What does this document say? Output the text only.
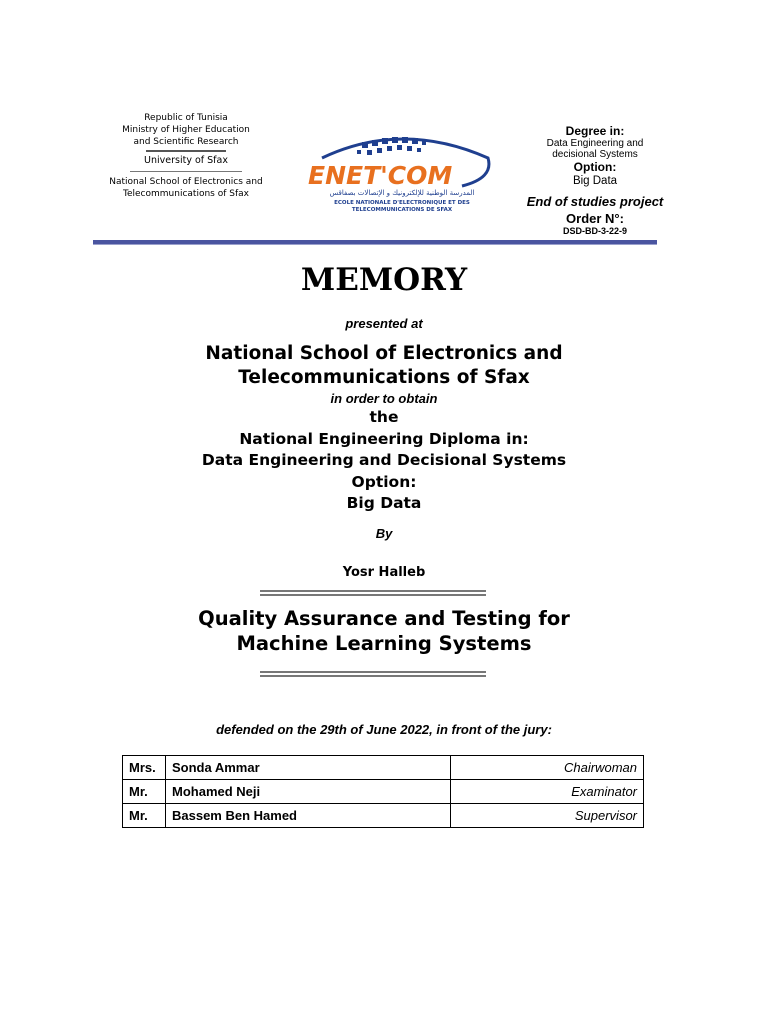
Republic of Tunisia
Ministry of Higher Education
and Scientific Research
University of Sfax
National School of Electronics and
Telecommunications of Sfax
ENET'COM
المدرسة الوطنية للإلكترونيك و الإتصالات بصفاقس
ECOLE NATIONALE D'ELECTRONIQUE ET DES
TELECOMMUNICATIONS DE SFAX
Degree in:
Data Engineering and
decisional Systems
Option:
Big Data
End of studies project
Order N°:
DSD-BD-3-22-9
MEMORY
presented at
National School of Electronics and
Telecommunications of Sfax
in order to obtain
the
National Engineering Diploma in:
Data Engineering and Decisional Systems
Option:
Big Data
By
Yosr Halleb
Quality Assurance and Testing for
Machine Learning Systems
defended on the 29th of June 2022, in front of the jury:
Mrs.	Sonda Ammar	Chairwoman
Mr.	Mohamed Neji	Examinator
Mr.	Bassem Ben Hamed	Supervisor
